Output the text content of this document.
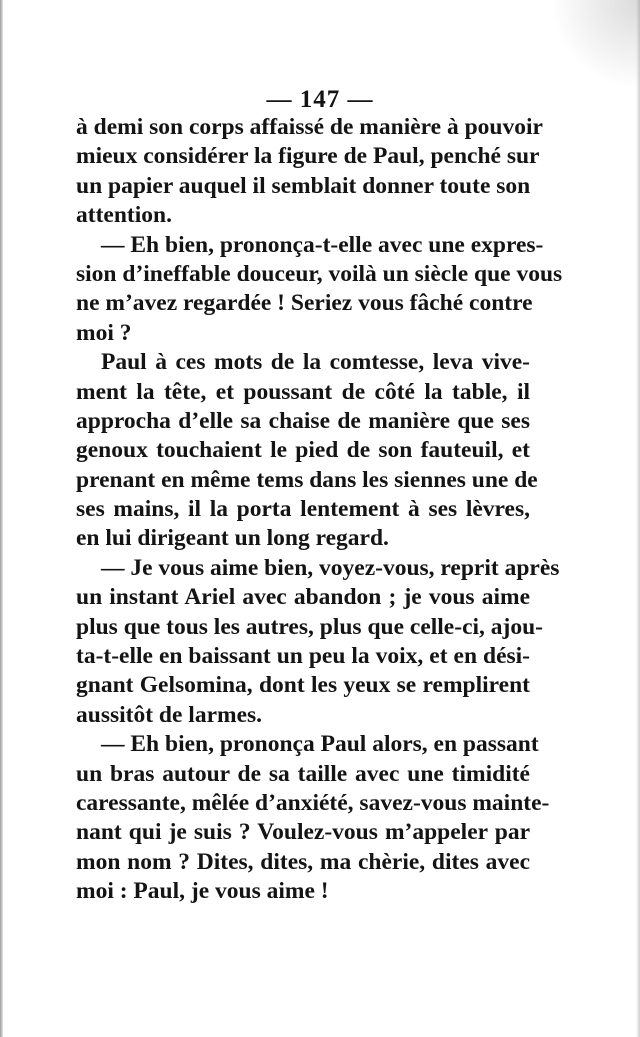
— 147 —
à demi son corps affaissé de manière à pouvoir
mieux considérer la figure de Paul, penché sur
un papier auquel il semblait donner toute son
attention.
— Eh bien, prononça-t-elle avec une expres-
sion d’ineffable douceur, voilà un siècle que vous
ne m’avez regardée ! Seriez vous fâché contre
moi ?
Paul à ces mots de la comtesse, leva vive-
ment la tête, et poussant de côté la table, il
approcha d’elle sa chaise de manière que ses
genoux touchaient le pied de son fauteuil, et
prenant en même tems dans les siennes une de
ses mains, il la porta lentement à ses lèvres,
en lui dirigeant un long regard.
— Je vous aime bien, voyez-vous, reprit après
un instant Ariel avec abandon ; je vous aime
plus que tous les autres, plus que celle-ci, ajou-
ta-t-elle en baissant un peu la voix, et en dési-
gnant Gelsomina, dont les yeux se remplirent
aussitôt de larmes.
— Eh bien, prononça Paul alors, en passant
un bras autour de sa taille avec une timidité
caressante, mêlée d’anxiété, savez-vous mainte-
nant qui je suis ? Voulez-vous m’appeler par
mon nom ? Dites, dites, ma chèrie, dites avec
moi : Paul, je vous aime !
